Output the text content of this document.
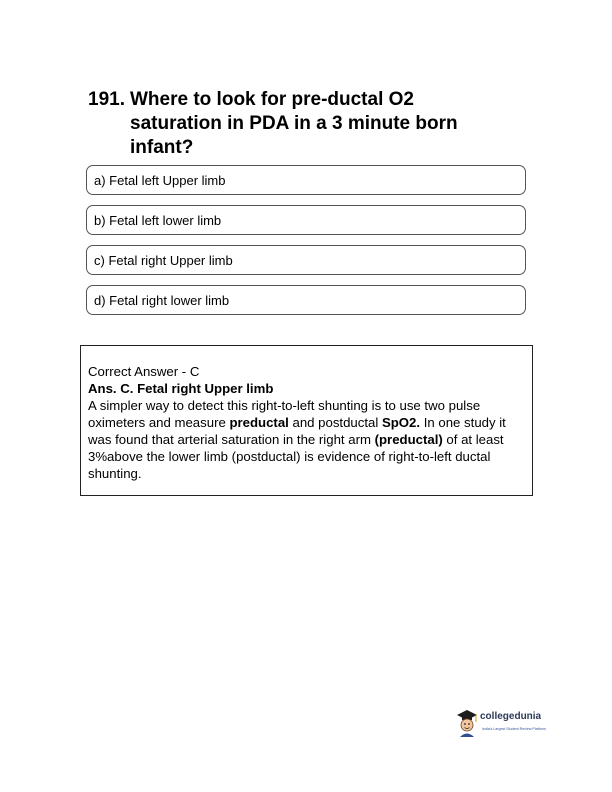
191. Where to look for pre-ductal O2 saturation in PDA in a 3 minute born infant?
a) Fetal left Upper limb
b) Fetal left lower limb
c) Fetal right Upper limb
d) Fetal right lower limb
Correct Answer - C
Ans. C. Fetal right Upper limb
A simpler way to detect this right-to-left shunting is to use two pulse oximeters and measure preductal and postductal SpO2. In one study it was found that arterial saturation in the right arm (preductal) of at least 3%above the lower limb (postductal) is evidence of right-to-left ductal shunting.
collegedunia
India's Largest Student Review Platform
